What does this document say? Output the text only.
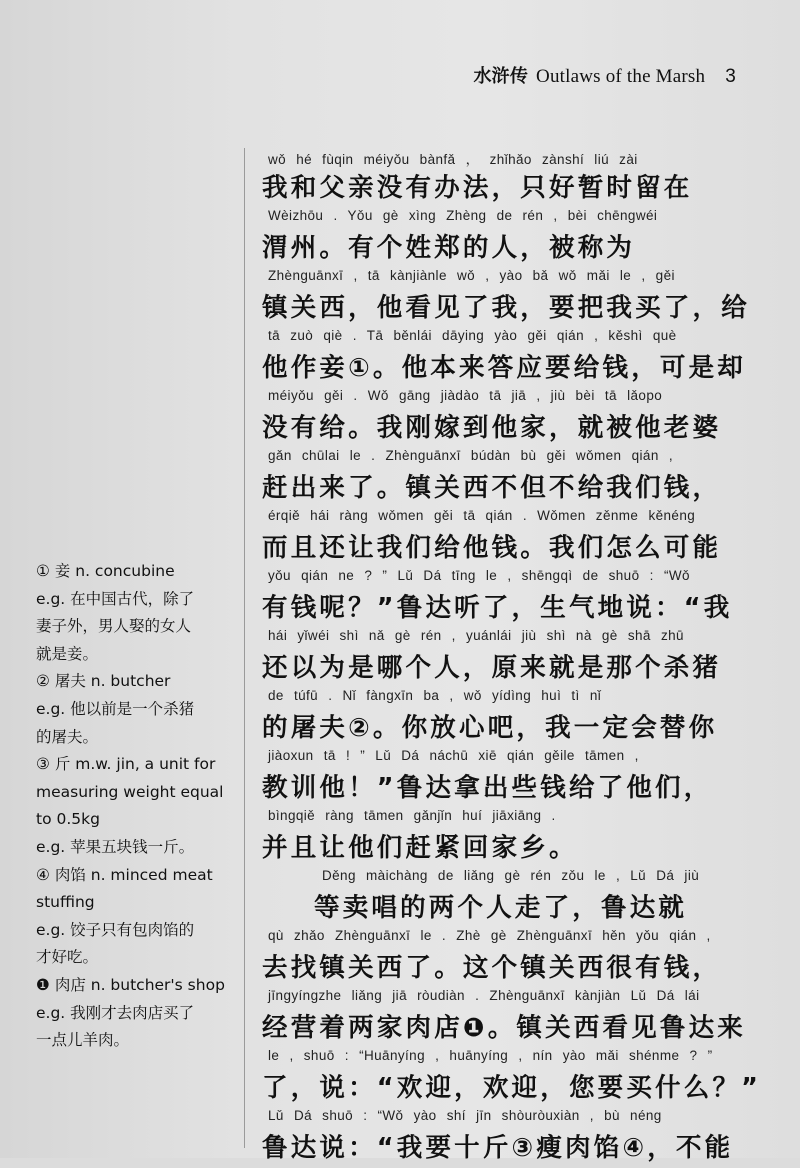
水浒传 Outlaws of the Marsh 3
① 妾 n. concubine
e.g. 在中国古代，除了
妻子外，男人娶的女人
就是妾。
② 屠夫 n. butcher
e.g. 他以前是一个杀猪
的屠夫。
③ 斤 m.w. jin, a unit for
measuring weight equal
to 0.5kg
e.g. 苹果五块钱一斤。
④ 肉馅 n. minced meat
stuffing
e.g. 饺子只有包肉馅的
才好吃。
❶ 肉店 n. butcher's shop
e.g. 我刚才去肉店买了
一点儿羊肉。
wǒ hé fùqin méiyǒu bànfǎ ， zhǐhǎo zànshí liú zài
我和父亲没有办法，只好暂时留在
Wèizhōu . Yǒu gè xìng Zhèng de rén , bèi chēngwéi
渭州。有个姓郑的人，被称为
Zhènguānxī , tā kànjiànle wǒ , yào bǎ wǒ mǎi le , gěi
镇关西，他看见了我，要把我买了，给
tā zuò qiè . Tā běnlái dāying yào gěi qián , kěshì què
他作妾①。他本来答应要给钱，可是却
méiyǒu gěi . Wǒ gāng jiàdào tā jiā , jiù bèi tā lǎopo
没有给。我刚嫁到他家，就被他老婆
gǎn chūlai le . Zhènguānxī búdàn bù gěi wǒmen qián ,
赶出来了。镇关西不但不给我们钱，
érqiě hái ràng wǒmen gěi tā qián . Wǒmen zěnme kěnéng
而且还让我们给他钱。我们怎么可能
yǒu qián ne ? ” Lǔ Dá tīng le , shēngqì de shuō : “Wǒ
有钱呢？”鲁达听了，生气地说：“我
hái yǐwéi shì nǎ gè rén , yuánlái jiù shì nà gè shā zhū
还以为是哪个人，原来就是那个杀猪
de túfū . Nǐ fàngxīn ba , wǒ yídìng huì tì nǐ
的屠夫②。你放心吧，我一定会替你
jiàoxun tā ! ” Lǔ Dá náchū xiē qián gěile tāmen ,
教训他！”鲁达拿出些钱给了他们，
bìngqiě ràng tāmen gǎnjǐn huí jiāxiāng .
并且让他们赶紧回家乡。
Děng màichàng de liǎng gè rén zǒu le , Lǔ Dá jiù
等卖唱的两个人走了，鲁达就
qù zhǎo Zhènguānxī le . Zhè gè Zhènguānxī hěn yǒu qián ,
去找镇关西了。这个镇关西很有钱，
jīngyíngzhe liǎng jiā ròudiàn . Zhènguānxī kànjiàn Lǔ Dá lái
经营着两家肉店❶。镇关西看见鲁达来
le , shuō : “Huānyíng , huānyíng , nín yào mǎi shénme ? ”
了，说：“欢迎，欢迎，您要买什么？”
Lǔ Dá shuō : “Wǒ yào shí jīn shòuròuxiàn , bù néng
鲁达说：“我要十斤③瘦肉馅④，不能
